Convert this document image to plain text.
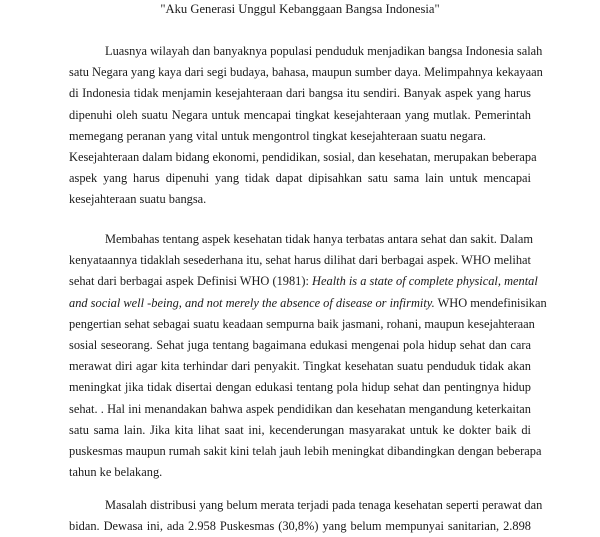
"Aku Generasi Unggul Kebanggaan Bangsa Indonesia"
Luasnya wilayah dan banyaknya populasi penduduk menjadikan bangsa Indonesia salah
satu Negara yang kaya dari segi budaya, bahasa, maupun sumber daya. Melimpahnya kekayaan
di Indonesia tidak menjamin kesejahteraan dari bangsa itu sendiri. Banyak aspek yang harus
dipenuhi oleh suatu Negara untuk mencapai tingkat kesejahteraan yang mutlak. Pemerintah
memegang peranan yang vital untuk mengontrol tingkat kesejahteraan suatu negara.
Kesejahteraan dalam bidang ekonomi, pendidikan, sosial, dan kesehatan, merupakan beberapa
aspek yang harus dipenuhi yang tidak dapat dipisahkan satu sama lain untuk mencapai
kesejahteraan suatu bangsa.
Membahas tentang aspek kesehatan tidak hanya terbatas antara sehat dan sakit. Dalam
kenyataannya tidaklah sesederhana itu, sehat harus dilihat dari berbagai aspek. WHO melihat
sehat dari berbagai aspek Definisi WHO (1981): Health is a state of complete physical, mental
and social well -being, and not merely the absence of disease or infirmity. WHO mendefinisikan
pengertian sehat sebagai suatu keadaan sempurna baik jasmani, rohani, maupun kesejahteraan
sosial seseorang. Sehat juga tentang bagaimana edukasi mengenai pola hidup sehat dan cara
merawat diri agar kita terhindar dari penyakit. Tingkat kesehatan suatu penduduk tidak akan
meningkat jika tidak disertai dengan edukasi tentang pola hidup sehat dan pentingnya hidup
sehat. . Hal ini menandakan bahwa aspek pendidikan dan kesehatan mengandung keterkaitan
satu sama lain. Jika kita lihat saat ini, kecenderungan masyarakat untuk ke dokter baik di
puskesmas maupun rumah sakit kini telah jauh lebih meningkat dibandingkan dengan beberapa
tahun ke belakang.
Masalah distribusi yang belum merata terjadi pada tenaga kesehatan seperti perawat dan
bidan. Dewasa ini, ada 2.958 Puskesmas (30,8%) yang belum mempunyai sanitarian, 2.898
